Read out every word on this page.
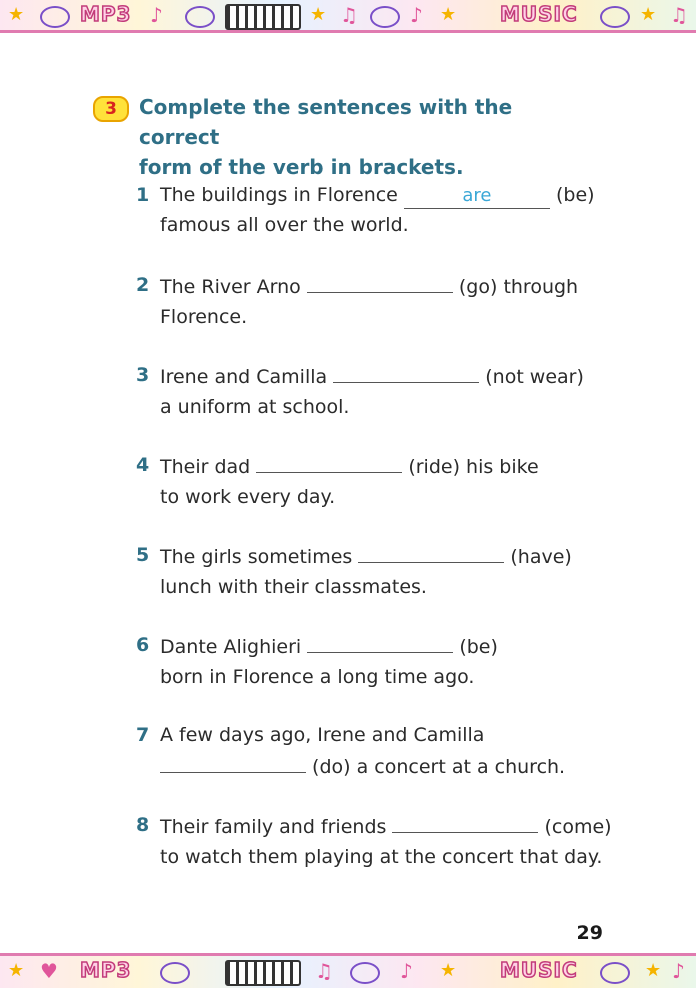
★	MP3 ♪	★ ♫	♪ ★ MUSIC	★ ♫
3	Complete the sentences with the correct
form of the verb in brackets.
1 The buildings in Florence	are	(be)
famous all over the world.
2 The River Arno	(go) through
Florence.
3 Irene and Camilla	(not wear)
a uniform at school.
4 Their dad	(ride) his bike
to work every day.
5 The girls sometimes	(have)
lunch with their classmates.
6 Dante Alighieri	(be)
born in Florence a long time ago.
7 A few days ago, Irene and Camilla
(do) a concert at a church.
8 Their family and friends	(come)
to watch them playing at the concert that day.
29
★ ♥ MP3	♫	♪ ★ MUSIC	★ ♪
